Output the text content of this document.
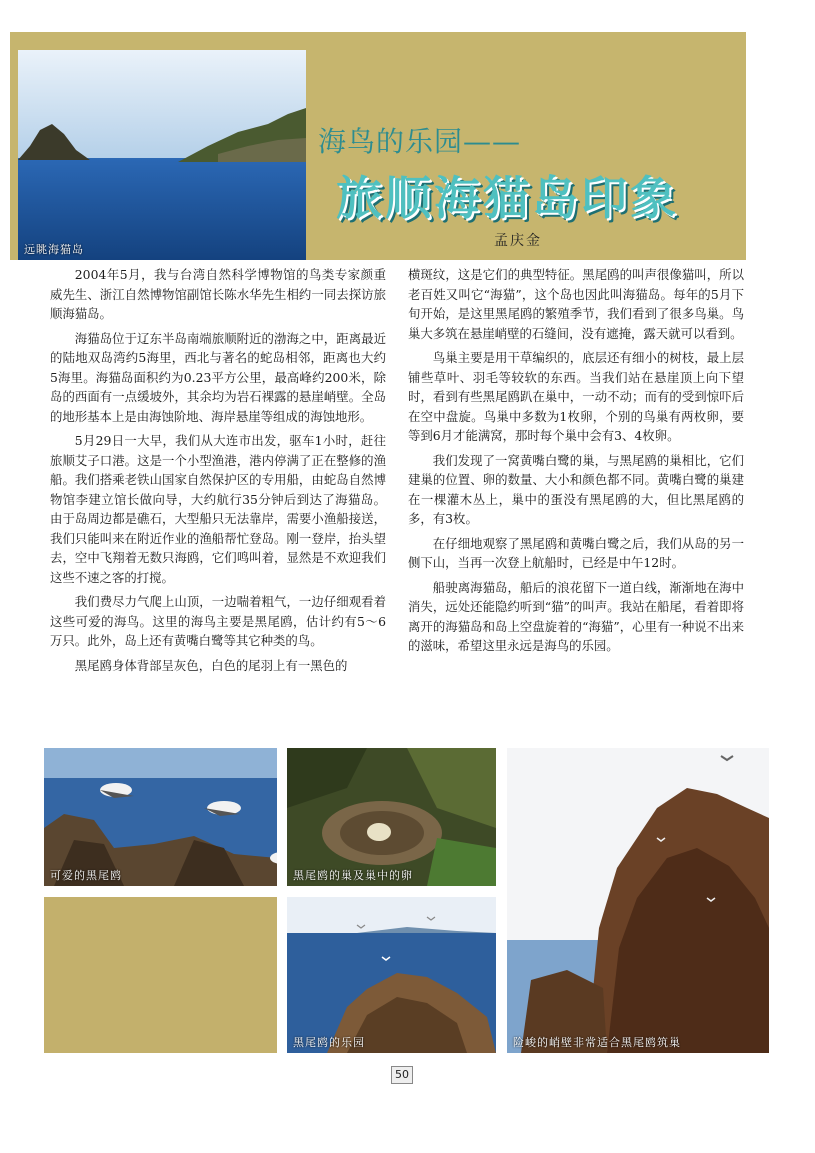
远眺海猫岛
海鸟的乐园——
旅顺海猫岛印象
孟庆金

2004年5月，我与台湾自然科学博物馆的鸟类专家颜重威先生、浙江自然博物馆副馆长陈水华先生相约一同去探访旅顺海猫岛。

海猫岛位于辽东半岛南端旅顺附近的渤海之中，距离最近的陆地双岛湾约5海里，西北与著名的蛇岛相邻，距离也大约5海里。海猫岛面积约为0.23平方公里，最高峰约200米，除岛的西面有一点缓坡外，其余均为岩石裸露的悬崖峭壁。全岛的地形基本上是由海蚀阶地、海岸悬崖等组成的海蚀地形。

5月29日一大早，我们从大连市出发，驱车1小时，赶往旅顺艾子口港。这是一个小型渔港，港内停满了正在整修的渔船。我们搭乘老铁山国家自然保护区的专用船，由蛇岛自然博物馆李建立馆长做向导，大约航行35分钟后到达了海猫岛。由于岛周边都是礁石，大型船只无法靠岸，需要小渔船接送，我们只能叫来在附近作业的渔船帮忙登岛。刚一登岸，抬头望去，空中飞翔着无数只海鸥，它们鸣叫着，显然是不欢迎我们这些不速之客的打搅。

我们费尽力气爬上山顶，一边喘着粗气，一边仔细观看着这些可爱的海鸟。这里的海鸟主要是黑尾鸥，估计约有5～6万只。此外，岛上还有黄嘴白鹭等其它种类的鸟。

黑尾鸥身体背部呈灰色，白色的尾羽上有一黑色的

横斑纹，这是它们的典型特征。黑尾鸥的叫声很像猫叫，所以老百姓又叫它“海猫”，这个岛也因此叫海猫岛。每年的5月下旬开始，是这里黑尾鸥的繁殖季节，我们看到了很多鸟巢。鸟巢大多筑在悬崖峭壁的石缝间，没有遮掩，露天就可以看到。

鸟巢主要是用干草编织的，底层还有细小的树枝，最上层铺些草叶、羽毛等较软的东西。当我们站在悬崖顶上向下望时，看到有些黑尾鸥趴在巢中，一动不动；而有的受到惊吓后在空中盘旋。鸟巢中多数为1枚卵，个别的鸟巢有两枚卵，要等到6月才能满窝，那时每个巢中会有3、4枚卵。

我们发现了一窝黄嘴白鹭的巢，与黑尾鸥的巢相比，它们建巢的位置、卵的数量、大小和颜色都不同。黄嘴白鹭的巢建在一棵灌木丛上，巢中的蛋没有黑尾鸥的大，但比黑尾鸥的多，有3枚。

在仔细地观察了黑尾鸥和黄嘴白鹭之后，我们从岛的另一侧下山，当再一次登上航船时，已经是中午12时。

船驶离海猫岛，船后的浪花留下一道白线，渐渐地在海中消失，远处还能隐约听到“猫”的叫声。我站在船尾，看着即将离开的海猫岛和岛上空盘旋着的“海猫”，心里有一种说不出来的滋味，希望这里永远是海鸟的乐园。

可爱的黑尾鸥	黑尾鸥的巢及巢中的卵
险峻的峭壁非常适合黑尾鸥筑巢
黑尾鸥的乐园
50
